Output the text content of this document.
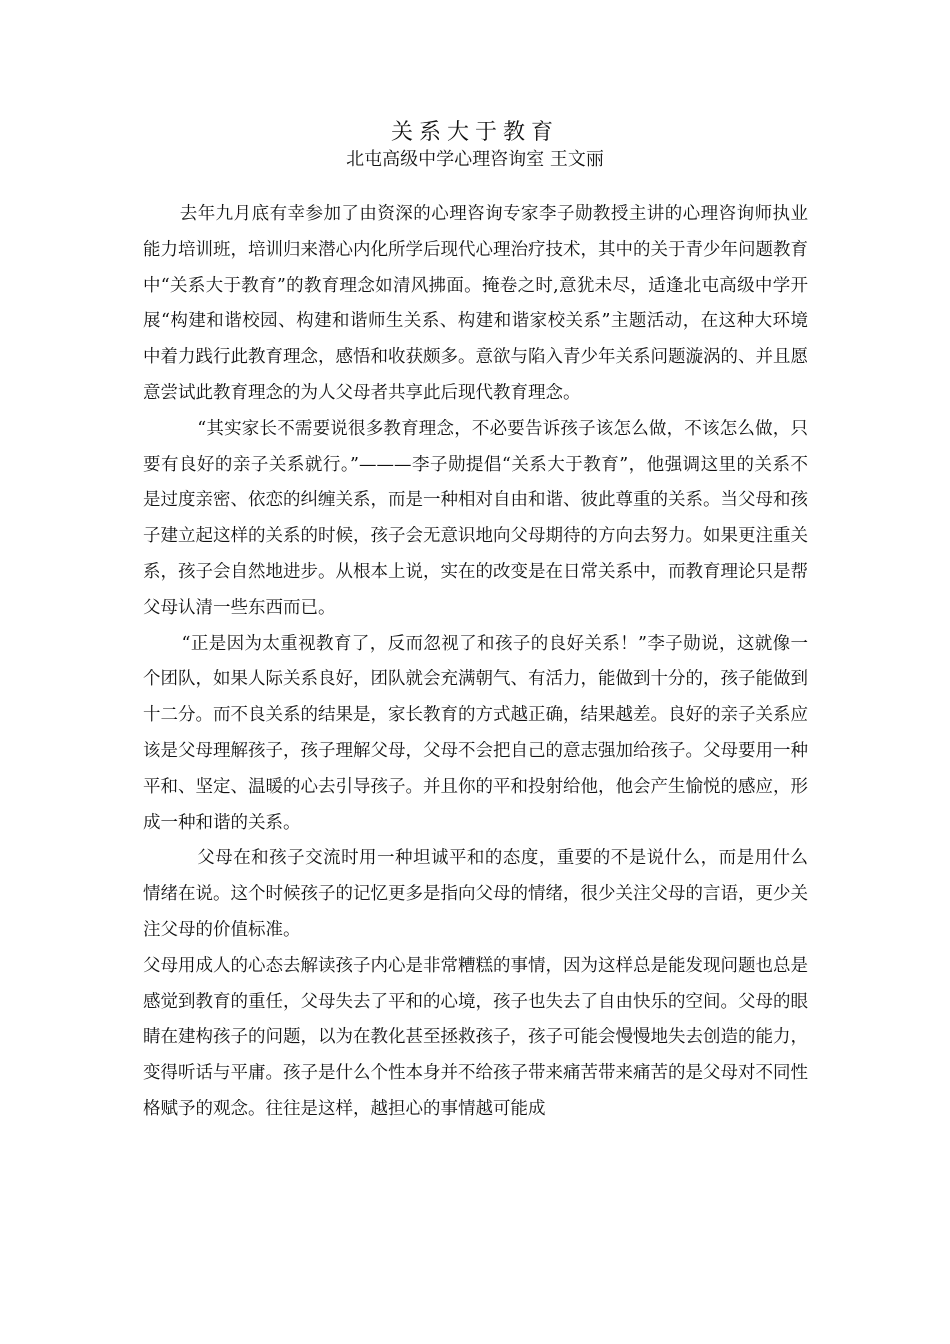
关系大于教育
北屯高级中学心理咨询室 王文丽

去年九月底有幸参加了由资深的心理咨询专家李子勋教授主讲的心理咨询师执业能力培训班，培训归来潜心内化所学后现代心理治疗技术，其中的关于青少年问题教育中“关系大于教育”的教育理念如清风拂面。掩卷之时,意犹未尽，适逢北屯高级中学开展“构建和谐校园、构建和谐师生关系、构建和谐家校关系”主题活动，在这种大环境中着力践行此教育理念，感悟和收获颇多。意欲与陷入青少年关系问题漩涡的、并且愿意尝试此教育理念的为人父母者共享此后现代教育理念。

“其实家长不需要说很多教育理念，不必要告诉孩子该怎么做，不该怎么做，只要有良好的亲子关系就行。”———李子勋提倡“关系大于教育”，他强调这里的关系不是过度亲密、依恋的纠缠关系，而是一种相对自由和谐、彼此尊重的关系。当父母和孩子建立起这样的关系的时候，孩子会无意识地向父母期待的方向去努力。如果更注重关系，孩子会自然地进步。从根本上说，实在的改变是在日常关系中，而教育理论只是帮父母认清一些东西而已。

“正是因为太重视教育了，反而忽视了和孩子的良好关系！”李子勋说，这就像一个团队，如果人际关系良好，团队就会充满朝气、有活力，能做到十分的，孩子能做到十二分。而不良关系的结果是，家长教育的方式越正确，结果越差。良好的亲子关系应该是父母理解孩子，孩子理解父母，父母不会把自己的意志强加给孩子。父母要用一种平和、坚定、温暖的心去引导孩子。并且你的平和投射给他，他会产生愉悦的感应，形成一种和谐的关系。

父母在和孩子交流时用一种坦诚平和的态度，重要的不是说什么，而是用什么情绪在说。这个时候孩子的记忆更多是指向父母的情绪，很少关注父母的言语，更少关注父母的价值标准。

父母用成人的心态去解读孩子内心是非常糟糕的事情，因为这样总是能发现问题也总是感觉到教育的重任，父母失去了平和的心境，孩子也失去了自由快乐的空间。父母的眼睛在建构孩子的问题，以为在教化甚至拯救孩子，孩子可能会慢慢地失去创造的能力，变得听话与平庸。孩子是什么个性本身并不给孩子带来痛苦带来痛苦的是父母对不同性格赋予的观念。往往是这样，越担心的事情越可能成
